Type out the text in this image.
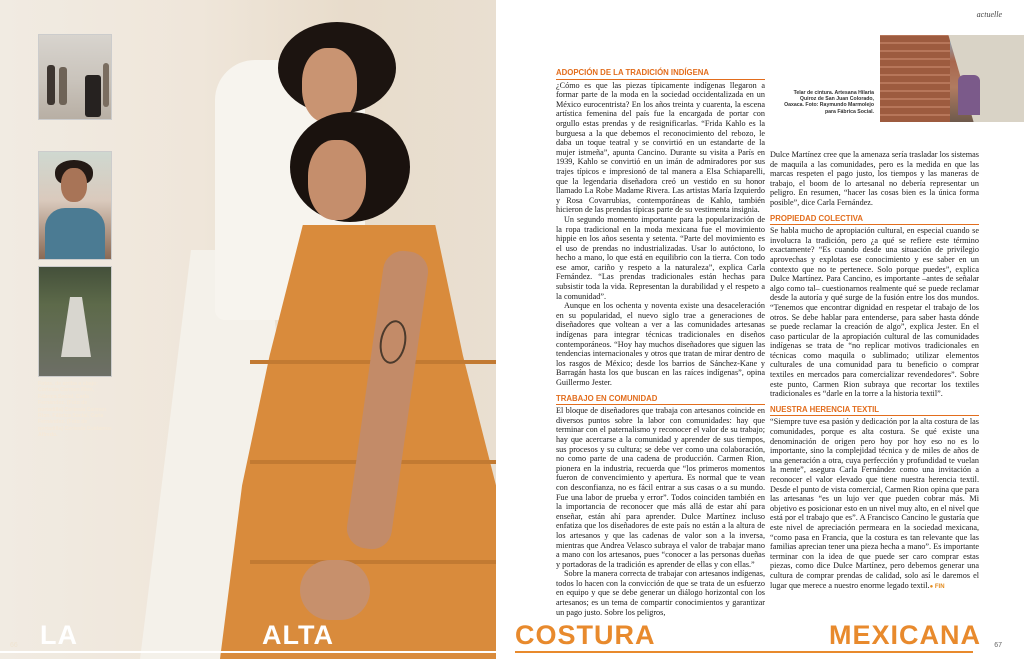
Fotos, de arriba a abajo: Cortesía Carmen Rion, Fábrica Social, Carla Fernández. (Foto de portadilla) Cortesía Carmen Rion, Fábrica Social, Carla Fernández. (Foto de portadilla) Cortesía Cuidamos Alfredo.
66
actuelle
67
Telar de cintura. Artesana Hilaria Quiroz de San Juan Colorado, Oaxaca. Foto: Raymundo Marmolejo para Fábrica Social.
ADOPCIÓN DE LA TRADICIÓN INDÍGENA

¿Cómo es que las piezas típicamente indígenas llegaron a formar parte de la moda en la sociedad occidentalizada en un México eurocentrista? En los años treinta y cuarenta, la escena artística femenina del país fue la encargada de portar con orgullo estas prendas y de resignificarlas. “Frida Kahlo es la burguesa a la que debemos el reconocimiento del rebozo, le daba un toque teatral y se convirtió en un estandarte de la mujer istmeña”, apunta Cancino. Durante su visita a París en 1939, Kahlo se convirtió en un imán de admiradores por sus trajes típicos e impresionó de tal manera a Elsa Schiaparelli, que la legendaria diseñadora creó un vestido en su honor llamado La Robe Madame Rivera. Las artistas María Izquierdo y Rosa Covarrubias, contemporáneas de Kahlo, también hicieron de las prendas típicas parte de su vestimenta insignia.

Un segundo momento importante para la popularización de la ropa tradicional en la moda mexicana fue el movimiento hippie en los años sesenta y setenta. “Parte del movimiento es el uso de prendas no industrializadas. Usar lo autóctono, lo hecho a mano, lo que está en equilibrio con la tierra. Con todo ese amor, cariño y respeto a la naturaleza”, explica Carla Fernández. “Las prendas tradicionales están hechas para subsistir toda la vida. Representan la durabilidad y el respeto a la comunidad”.

Aunque en los ochenta y noventa existe una desaceleración en su popularidad, el nuevo siglo trae a generaciones de diseñadores que voltean a ver a las comunidades artesanas indígenas para integrar técnicas tradicionales en diseños contemporáneos. “Hoy hay muchos diseñadores que siguen las tendencias internacionales y otros que tratan de mirar dentro de los rasgos de México; desde los barrios de Sánchez-Kane y Barragán hasta los que buscan en las raíces indígenas”, opina Guillermo Jester.

TRABAJO EN COMUNIDAD

El bloque de diseñadores que trabaja con artesanos coincide en diversos puntos sobre la labor con comunidades: hay que terminar con el paternalismo y reconocer el valor de su trabajo; hay que acercarse a la comunidad y aprender de sus tiempos, sus procesos y su cultura; se debe ver como una colaboración, no como parte de una cadena de producción. Carmen Rion, pionera en la industria, recuerda que “los primeros momentos fueron de convencimiento y apertura. Es normal que te vean con desconfianza, no es fácil entrar a sus casas o a su mundo. Fue una labor de prueba y error”. Todos coinciden también en la importancia de reconocer que más allá de estar ahí para enseñar, están ahí para aprender. Dulce Martínez incluso enfatiza que los diseñadores de este país no están a la altura de los artesanos y que las cadenas de valor son a la inversa, mientras que Andrea Velasco subraya el valor de trabajar mano a mano con los artesanos, pues “conocer a las personas dueñas y portadoras de la tradición es aprender de ellas y con ellas.”

Sobre la manera correcta de trabajar con artesanos indígenas, todos lo hacen con la convicción de que se trata de un esfuerzo en equipo y que se debe generar un diálogo horizontal con los artesanos; es un tema de compartir conocimientos y garantizar un pago justo. Sobre los peligros,

Dulce Martínez cree que la amenaza sería trasladar los sistemas de maquila a las comunidades, pero es la medida en que las marcas respeten el pago justo, los tiempos y las maneras de trabajo, el boom de lo artesanal no debería representar un peligro. En resumen, “hacer las cosas bien es la única forma posible”, dice Carla Fernández.

PROPIEDAD COLECTIVA

Se habla mucho de apropiación cultural, en especial cuando se involucra la tradición, pero ¿a qué se refiere este término exactamente? “Es cuando desde una situación de privilegio aprovechas y explotas ese conocimiento y ese saber en un contexto que no te pertenece. Solo porque puedes”, explica Dulce Martínez. Para Cancino, es importante –antes de señalar algo como tal– cuestionarnos realmente qué se puede reclamar desde la autoría y qué surge de la fusión entre los dos mundos. “Tenemos que encontrar dignidad en respetar el trabajo de los otros. Se debe hablar para entenderse, para saber hasta dónde se puede reclamar la creación de algo”, explica Jester. En el caso particular de la apropiación cultural de las comunidades indígenas se trata de “no replicar motivos tradicionales en técnicas como maquila o sublimado; utilizar elementos culturales de una comunidad para tu beneficio o comprar textiles en mercados para comercializar revendedores”. Sobre este punto, Carmen Rion subraya que recortar los textiles tradicionales es “darle en la torre a la historia textil”.

NUESTRA HERENCIA TEXTIL

“Siempre tuve esa pasión y dedicación por la alta costura de las comunidades, porque es alta costura. Se qué existe una denominación de origen pero hoy por hoy eso no es lo importante, sino la complejidad técnica y de miles de años de una generación a otra, cuya perfección y profundidad te vuelan la mente”, asegura Carla Fernández como una invitación a reconocer el valor elevado que tiene nuestra herencia textil. Desde el punto de vista comercial, Carmen Rion opina que para las artesanas “es un lujo ver que pueden cobrar más. Mi objetivo es posicionar esto en un nivel muy alto, en el nivel que está por el trabajo que es”. A Francisco Cancino le gustaría que este nivel de apreciación permeara en la sociedad mexicana, “como pasa en Francia, que la costura es tan relevante que las familias aprecian tener una pieza hecha a mano”. Es importante terminar con la idea de que puede ser caro comprar estas piezas, como dice Dulce Martínez, pero debemos generar una cultura de comprar prendas de calidad, solo así le daremos el lugar que merece a nuestro enorme legado textil.● FIN

LA	ALTA	COSTURA	MEXICANA
